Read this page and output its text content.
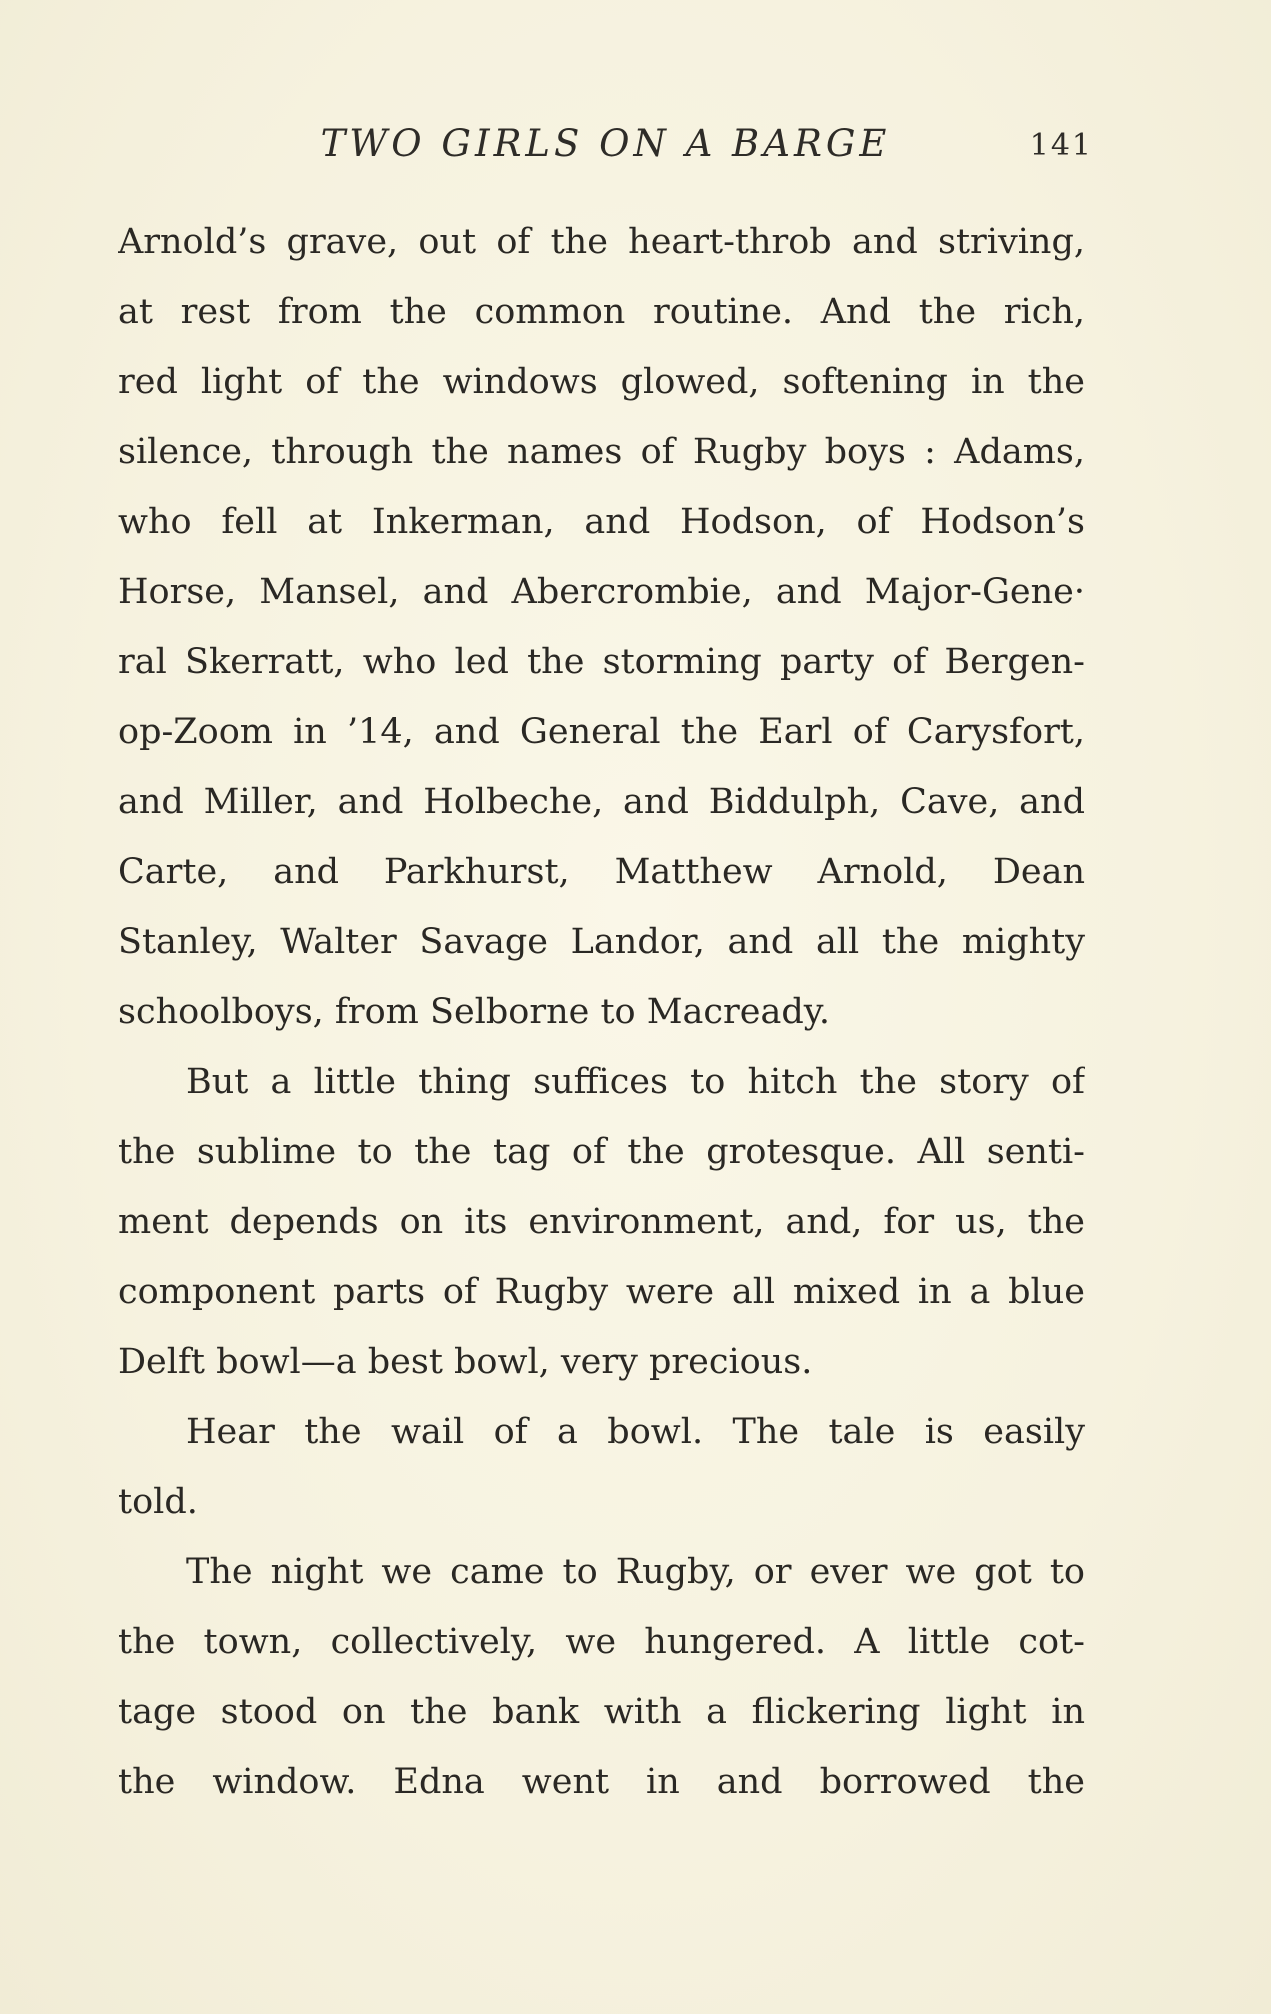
TWO GIRLS ON A BARGE	141
Arnold’s grave, out of the heart-throb and striving,
at rest from the common routine. And the rich,
red light of the windows glowed, softening in the
silence, through the names of Rugby boys : Adams,
who fell at Inkerman, and Hodson, of Hodson’s
Horse, Mansel, and Abercrombie, and Major-Gene·
ral Skerratt, who led the storming party of Bergen-
op-Zoom in ’14, and General the Earl of Carysfort,
and Miller, and Holbeche, and Biddulph, Cave, and
Carte, and Parkhurst, Matthew Arnold, Dean
Stanley, Walter Savage Landor, and all the mighty
schoolboys, from Selborne to Macready.
But a little thing suffices to hitch the story of
the sublime to the tag of the grotesque. All senti-
ment depends on its environment, and, for us, the
component parts of Rugby were all mixed in a blue
Delft bowl—a best bowl, very precious.
Hear the wail of a bowl. The tale is easily
told.
The night we came to Rugby, or ever we got to
the town, collectively, we hungered. A little cot-
tage stood on the bank with a flickering light in
the window. Edna went in and borrowed the
